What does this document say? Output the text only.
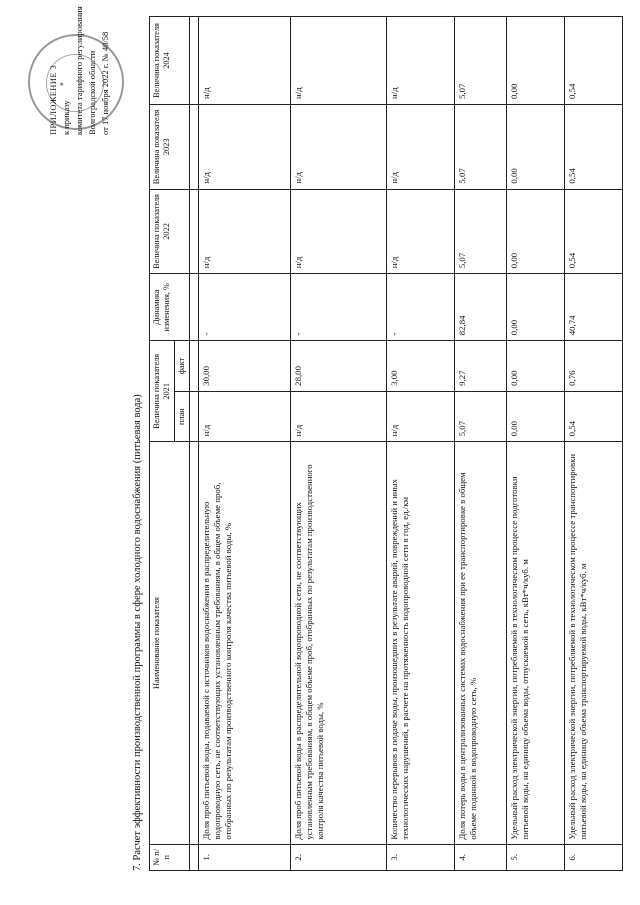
◆
ПРИЛОЖЕНИЕ 3 к приказу комитета тарифного регулирования Волгоградской области от 17 ноября 2022 г. № 40/58
7. Расчет эффективности производственной программы в сфере холодного водоснабжения (питьевая вода) № п/п	Наименование показателя	Величина показателя 2021		Динамика изменения, %	Величина показателя 2022	Величина показателя 2023	Величина показателя 2024
		план	факт				

1.	Доля проб питьевой воды, подаваемой с источников водоснабжения в распределительную водопроводную сеть, не соответствующих установленным требованиям, в общем объеме проб, отобранных по результатам производственного контроля качества питьевой воды, %	н/д	30,00	-	н/д	н/д	н/д
2.	Доля проб питьевой воды в распределительной водопроводной сети, не соответствующих установленным требованиям, в общем объеме проб, отобранных по результатам производственного контроля качества питьевой воды, %	н/д	28,00	-	н/д	н/д	н/д
3.	Количество перерывов в подаче воды, произошедших в результате аварий, повреждений и иных технологических нарушений, в расчете на протяженность водопроводной сети в год, ед./км	н/д	3,00	-	н/д	н/д	н/д
4.	Доля потерь воды в централизованных системах водоснабжения при ее транспортировке в общем объеме поданной в водопроводную сеть, %	5,07	9,27	82,84	5,07	5,07	5,07
5.	Удельный расход электрической энергии, потребляемой в технологическом процессе подготовки питьевой воды, на единицу объема воды, отпускаемой в сеть, кВт*ч/куб. м	0,00	0,00	0,00	0,00	0,00	0,00
6.	Удельный расход электрической энергии, потребляемой в технологическом процессе транспортировки питьевой воды, на единицу объема транспортируемой воды, кВт*ч/куб. м	0,54	0,76	40,74	0,54	0,54	0,54
